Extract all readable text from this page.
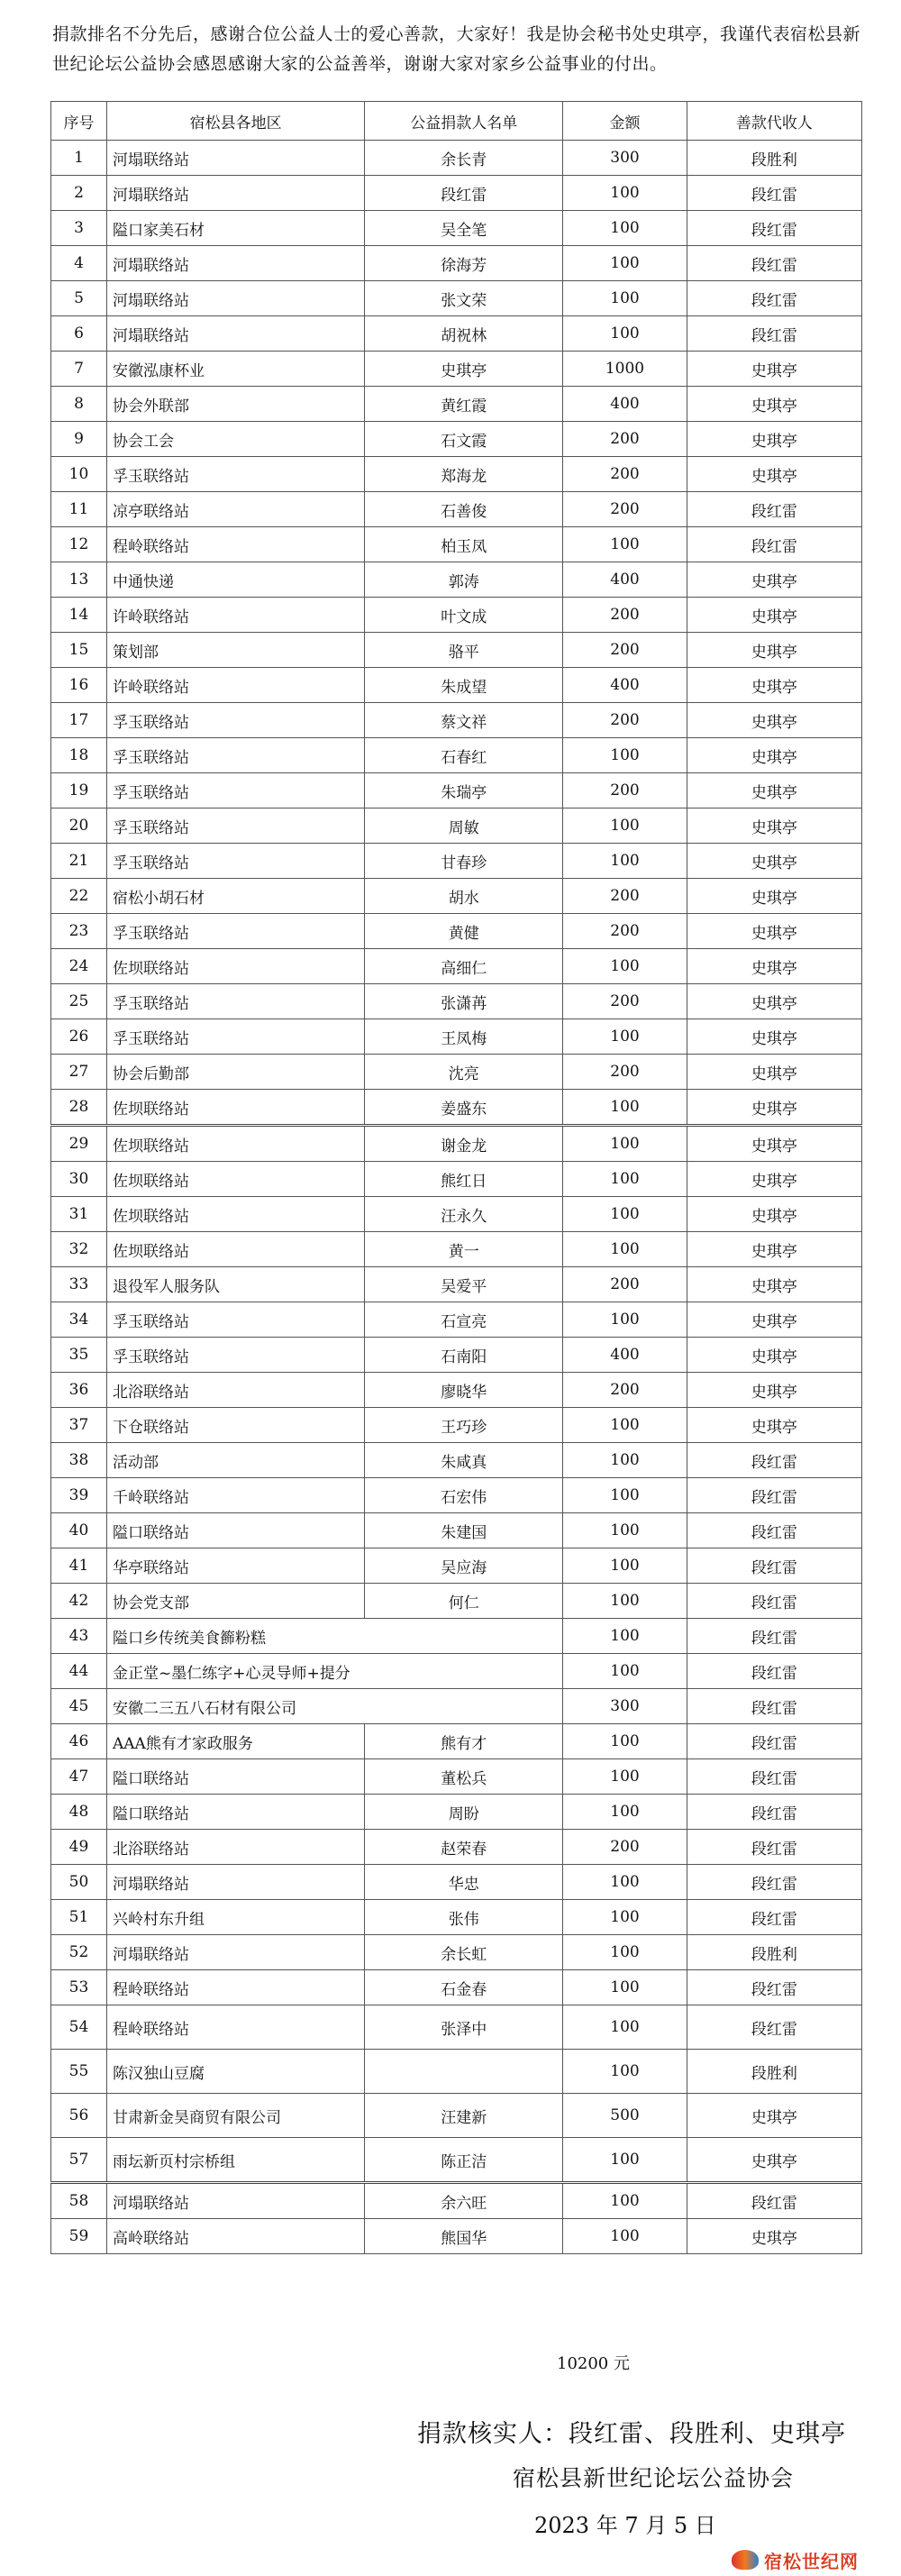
捐款排名不分先后，感谢合位公益人士的爱心善款，大家好！我是协会秘书处史琪亭，我谨代表宿松县新世纪论坛公益协会感恩感谢大家的公益善举，谢谢大家对家乡公益事业的付出。

序号	宿松县各地区	公益捐款人名单	金额	善款代收人
1	河塌联络站	余长青	300	段胜利
2	河塌联络站	段红雷	100	段红雷
3	隘口家美石材	吴全笔	100	段红雷
4	河塌联络站	徐海芳	100	段红雷
5	河塌联络站	张文荣	100	段红雷
6	河塌联络站	胡祝林	100	段红雷
7	安徽泓康杯业	史琪亭	1000	史琪亭
8	协会外联部	黄红霞	400	史琪亭
9	协会工会	石文霞	200	史琪亭
10	孚玉联络站	郑海龙	200	史琪亭
11	凉亭联络站	石善俊	200	段红雷
12	程岭联络站	柏玉凤	100	段红雷
13	中通快递	郭涛	400	史琪亭
14	许岭联络站	叶文成	200	史琪亭
15	策划部	骆平	200	史琪亭
16	许岭联络站	朱成望	400	史琪亭
17	孚玉联络站	蔡文祥	200	史琪亭
18	孚玉联络站	石春红	100	史琪亭
19	孚玉联络站	朱瑞亭	200	史琪亭
20	孚玉联络站	周敏	100	史琪亭
21	孚玉联络站	甘春珍	100	史琪亭
22	宿松小胡石材	胡水	200	史琪亭
23	孚玉联络站	黄健	200	史琪亭
24	佐坝联络站	高细仁	100	史琪亭
25	孚玉联络站	张潇苒	200	史琪亭
26	孚玉联络站	王凤梅	100	史琪亭
27	协会后勤部	沈亮	200	史琪亭
28	佐坝联络站	姜盛东	100	史琪亭
29	佐坝联络站	谢金龙	100	史琪亭
30	佐坝联络站	熊红日	100	史琪亭
31	佐坝联络站	汪永久	100	史琪亭
32	佐坝联络站	黄一	100	史琪亭
33	退役军人服务队	吴爱平	200	史琪亭
34	孚玉联络站	石宣亮	100	史琪亭
35	孚玉联络站	石南阳	400	史琪亭
36	北浴联络站	廖晓华	200	史琪亭
37	下仓联络站	王巧珍	100	史琪亭
38	活动部	朱咸真	100	段红雷
39	千岭联络站	石宏伟	100	段红雷
40	隘口联络站	朱建国	100	段红雷
41	华亭联络站	吴应海	100	段红雷
42	协会党支部	何仁	100	段红雷
43	隘口乡传统美食籂粉糕		100	段红雷
44	金正堂~墨仁练字+心灵导师+提分		100	段红雷
45	安徽二三五八石材有限公司		300	段红雷
46	AAA熊有才家政服务	熊有才	100	段红雷
47	隘口联络站	董松兵	100	段红雷
48	隘口联络站	周盼	100	段红雷
49	北浴联络站	赵荣春	200	段红雷
50	河塌联络站	华忠	100	段红雷
51	兴岭村东升组	张伟	100	段红雷
52	河塌联络站	余长虹	100	段胜利
53	程岭联络站	石金春	100	段红雷
54	程岭联络站	张泽中	100	段红雷
55	陈汉独山豆腐		100	段胜利
56	甘肃新金昊商贸有限公司	汪建新	500	史琪亭
57	雨坛新页村宗桥组	陈正洁	100	史琪亭
58	河塌联络站	余六旺	100	段红雷
59	高岭联络站	熊国华	100	史琪亭

10200 元

捐款核实人：段红雷、段胜利、史琪亭

宿松县新世纪论坛公益协会

2023 年 7 月 5 日

宿松世纪网
